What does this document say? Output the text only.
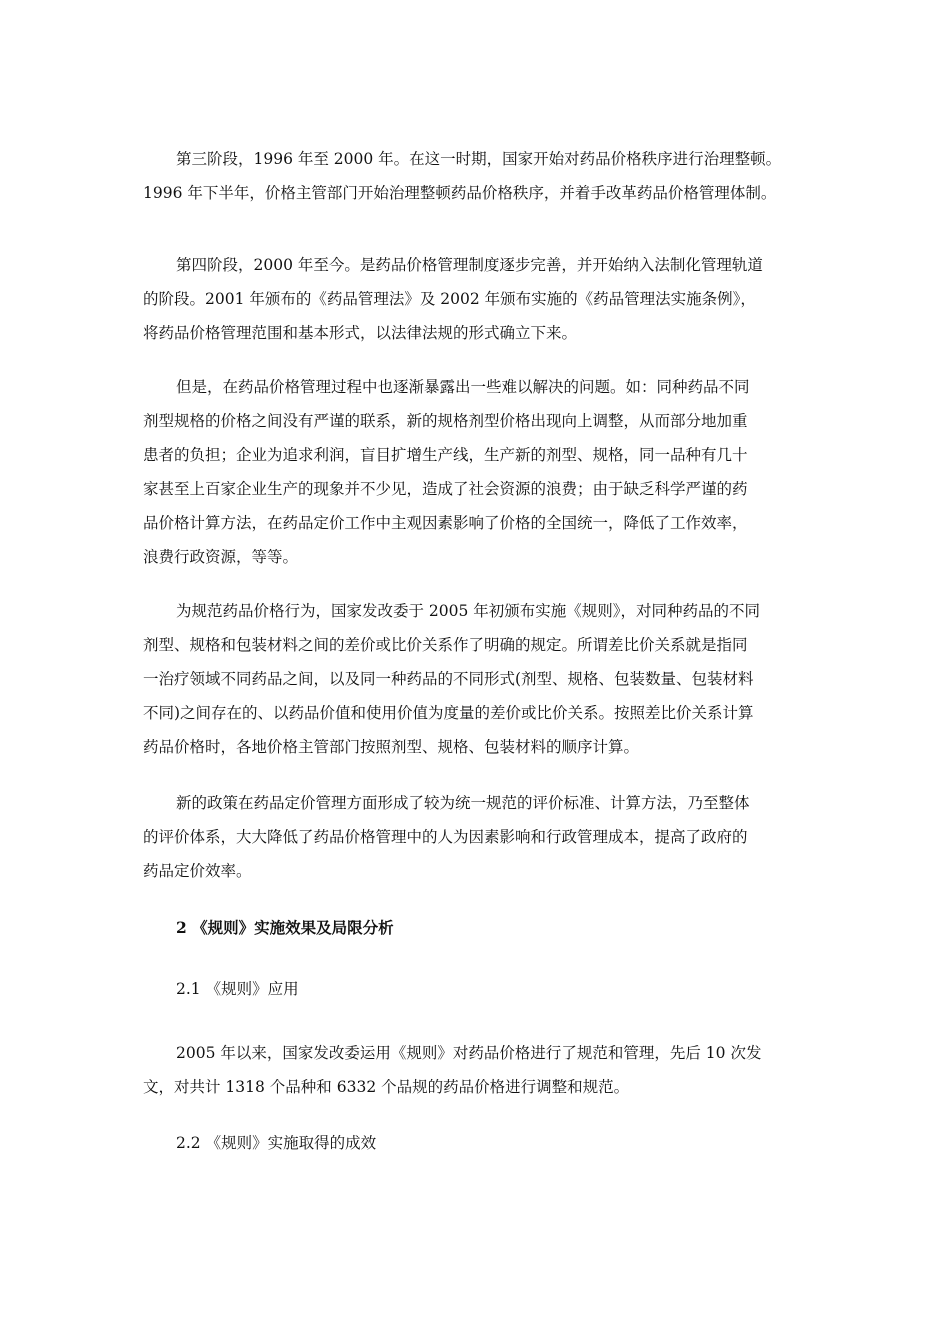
第三阶段，1996 年至 2000 年。在这一时期，国家开始对药品价格秩序进行治理整顿。
1996 年下半年，价格主管部门开始治理整顿药品价格秩序，并着手改革药品价格管理体制。
第四阶段，2000 年至今。是药品价格管理制度逐步完善，并开始纳入法制化管理轨道
的阶段。2001 年颁布的《药品管理法》及 2002 年颁布实施的《药品管理法实施条例》，
将药品价格管理范围和基本形式，以法律法规的形式确立下来。
但是，在药品价格管理过程中也逐渐暴露出一些难以解决的问题。如：同种药品不同
剂型规格的价格之间没有严谨的联系，新的规格剂型价格出现向上调整，从而部分地加重
患者的负担；企业为追求利润，盲目扩增生产线，生产新的剂型、规格，同一品种有几十
家甚至上百家企业生产的现象并不少见，造成了社会资源的浪费；由于缺乏科学严谨的药
品价格计算方法，在药品定价工作中主观因素影响了价格的全国统一，降低了工作效率，
浪费行政资源，等等。
为规范药品价格行为，国家发改委于 2005 年初颁布实施《规则》，对同种药品的不同
剂型、规格和包装材料之间的差价或比价关系作了明确的规定。所谓差比价关系就是指同
一治疗领域不同药品之间，以及同一种药品的不同形式(剂型、规格、包装数量、包装材料
不同)之间存在的、以药品价值和使用价值为度量的差价或比价关系。按照差比价关系计算
药品价格时，各地价格主管部门按照剂型、规格、包装材料的顺序计算。
新的政策在药品定价管理方面形成了较为统一规范的评价标准、计算方法，乃至整体
的评价体系，大大降低了药品价格管理中的人为因素影响和行政管理成本，提高了政府的
药品定价效率。
2 《规则》实施效果及局限分析
2.1 《规则》应用
2005 年以来，国家发改委运用《规则》对药品价格进行了规范和管理，先后 10 次发
文，对共计 1318 个品种和 6332 个品规的药品价格进行调整和规范。
2.2 《规则》实施取得的成效
